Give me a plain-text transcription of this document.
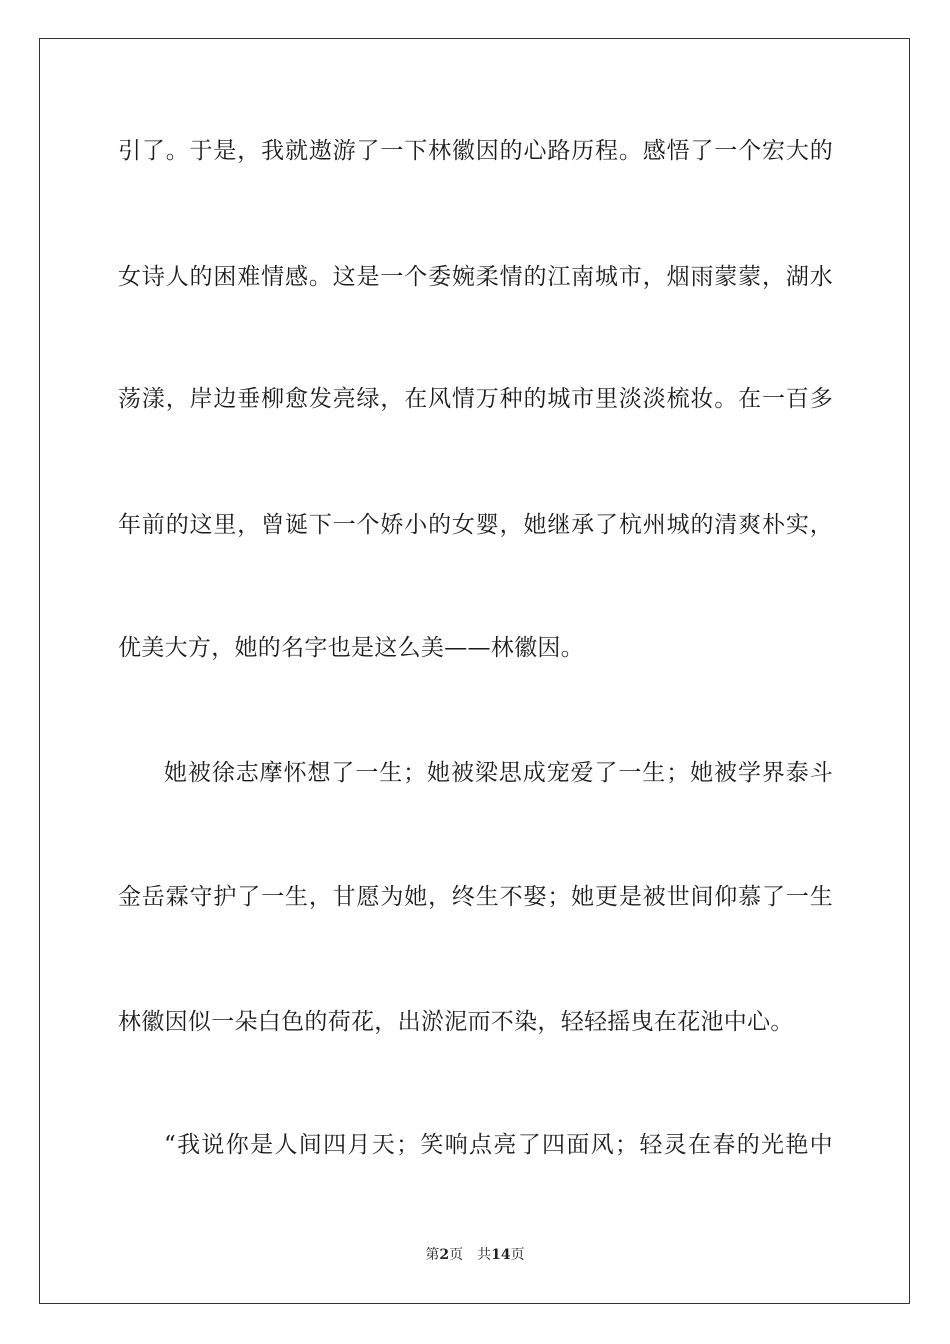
引了。于是，我就遨游了一下林徽因的心路历程。感悟了一个宏大的
女诗人的困难情感。这是一个委婉柔情的江南城市，烟雨蒙蒙，湖水
荡漾，岸边垂柳愈发亮绿，在风情万种的城市里淡淡梳妆。在一百多
年前的这里，曾诞下一个娇小的女婴，她继承了杭州城的清爽朴实，
优美大方，她的名字也是这么美——林徽因。
她被徐志摩怀想了一生；她被梁思成宠爱了一生；她被学界泰斗
金岳霖守护了一生，甘愿为她，终生不娶；她更是被世间仰慕了一生
林徽因似一朵白色的荷花，出淤泥而不染，轻轻摇曳在花池中心。
“我说你是人间四月天；笑响点亮了四面风；轻灵在春的光艳中
第2页 共14页
